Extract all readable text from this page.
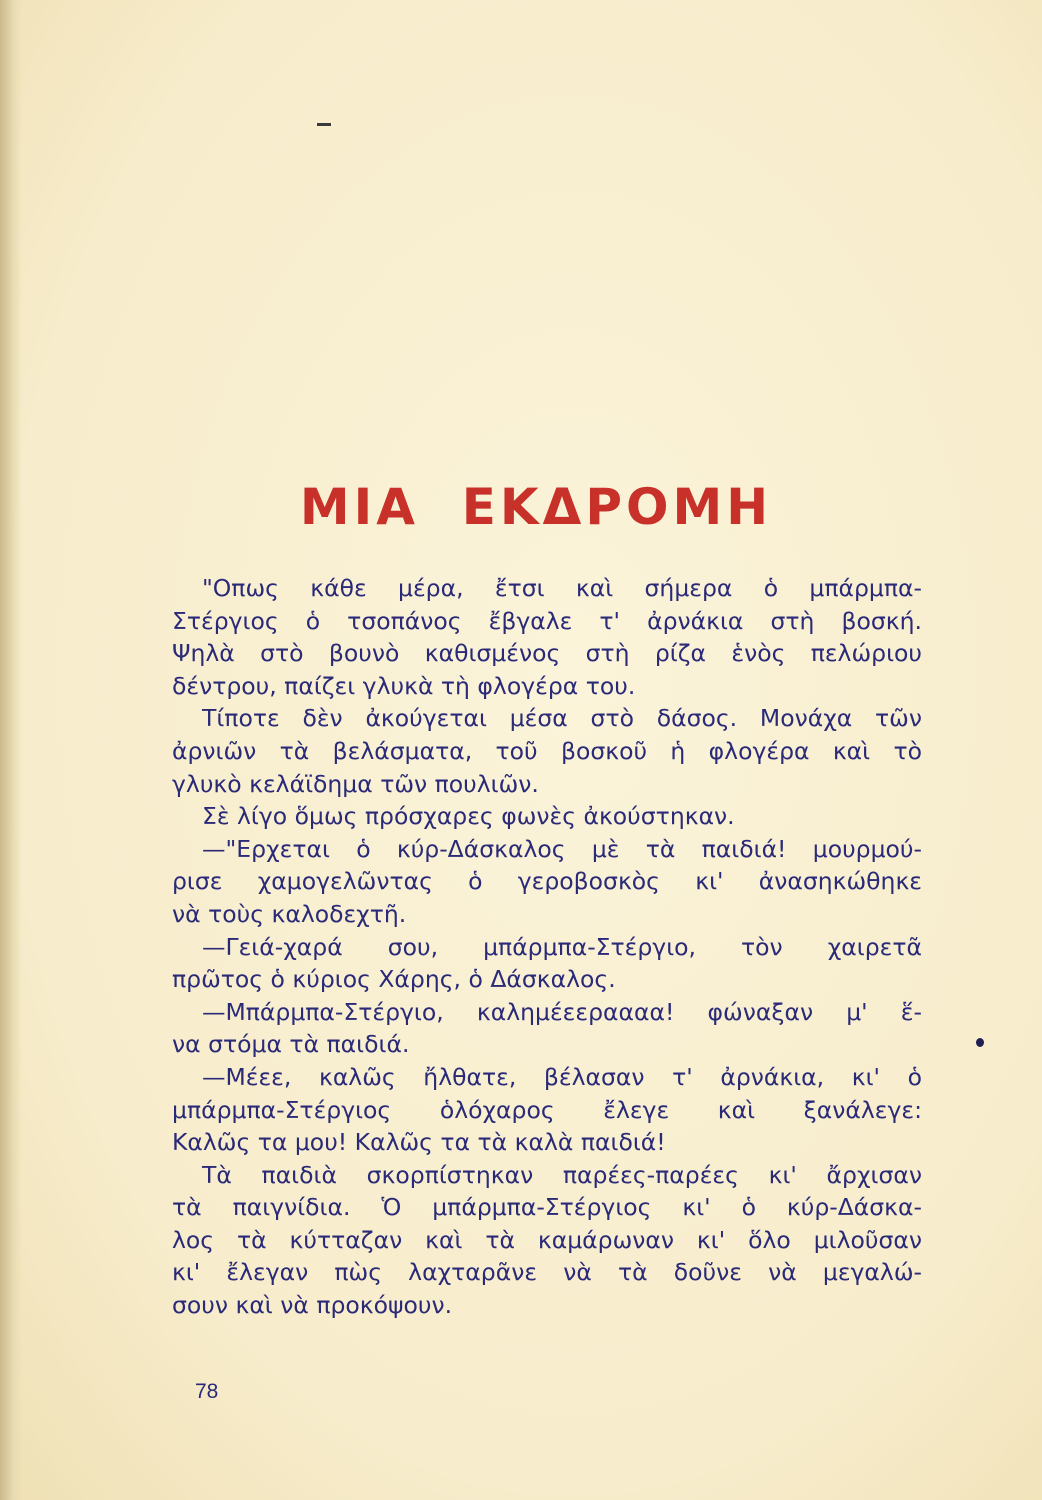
ΜΙΑ  ΕΚΔΡΟΜΗ

"Οπως κάθε μέρα, ἔτσι καὶ σήμερα ὁ μπάρμπα-
Στέργιος ὁ τσοπάνος ἔβγαλε τ' ἀρνάκια στὴ βοσκή.
Ψηλὰ στὸ βουνὸ καθισμένος στὴ ρίζα ἑνὸς πελώριου
δέντρου, παίζει γλυκὰ τὴ φλογέρα του.

Τίποτε δὲν ἀκούγεται μέσα στὸ δάσος. Μονάχα τῶν
ἀρνιῶν τὰ βελάσματα, τοῦ βοσκοῦ ἡ φλογέρα καὶ τὸ
γλυκὸ κελάϊδημα τῶν πουλιῶν.

Σὲ λίγο ὅμως πρόσχαρες φωνὲς ἀκούστηκαν.

—"Ερχεται ὁ κύρ-Δάσκαλος μὲ τὰ παιδιά! μουρμού-
ρισε χαμογελῶντας ὁ γεροβοσκὸς κι' ἀνασηκώθηκε
νὰ τοὺς καλοδεχτῆ.

—Γειά-χαρά σου, μπάρμπα-Στέργιο, τὸν χαιρετᾶ
πρῶτος ὁ κύριος Χάρης, ὁ Δάσκαλος.

—Μπάρμπα-Στέργιο, καλημέεεραααα! φώναξαν μ' ἕ-
να στόμα τὰ παιδιά.

—Μέεε, καλῶς ἤλθατε, βέλασαν τ' ἀρνάκια, κι' ὁ
μπάρμπα-Στέργιος ὁλόχαρος ἔλεγε καὶ ξανάλεγε:
Καλῶς τα μου! Καλῶς τα τὰ καλὰ παιδιά!

Τὰ παιδιὰ σκορπίστηκαν παρέες-παρέες κι' ἄρχισαν
τὰ παιγνίδια. Ὁ μπάρμπα-Στέργιος κι' ὁ κύρ-Δάσκα-
λος τὰ κύτταζαν καὶ τὰ καμάρωναν κι' ὅλο μιλοῦσαν
κι' ἔλεγαν πὼς λαχταρᾶνε νὰ τὰ δοῦνε νὰ μεγαλώ-
σουν καὶ νὰ προκόψουν.

78
